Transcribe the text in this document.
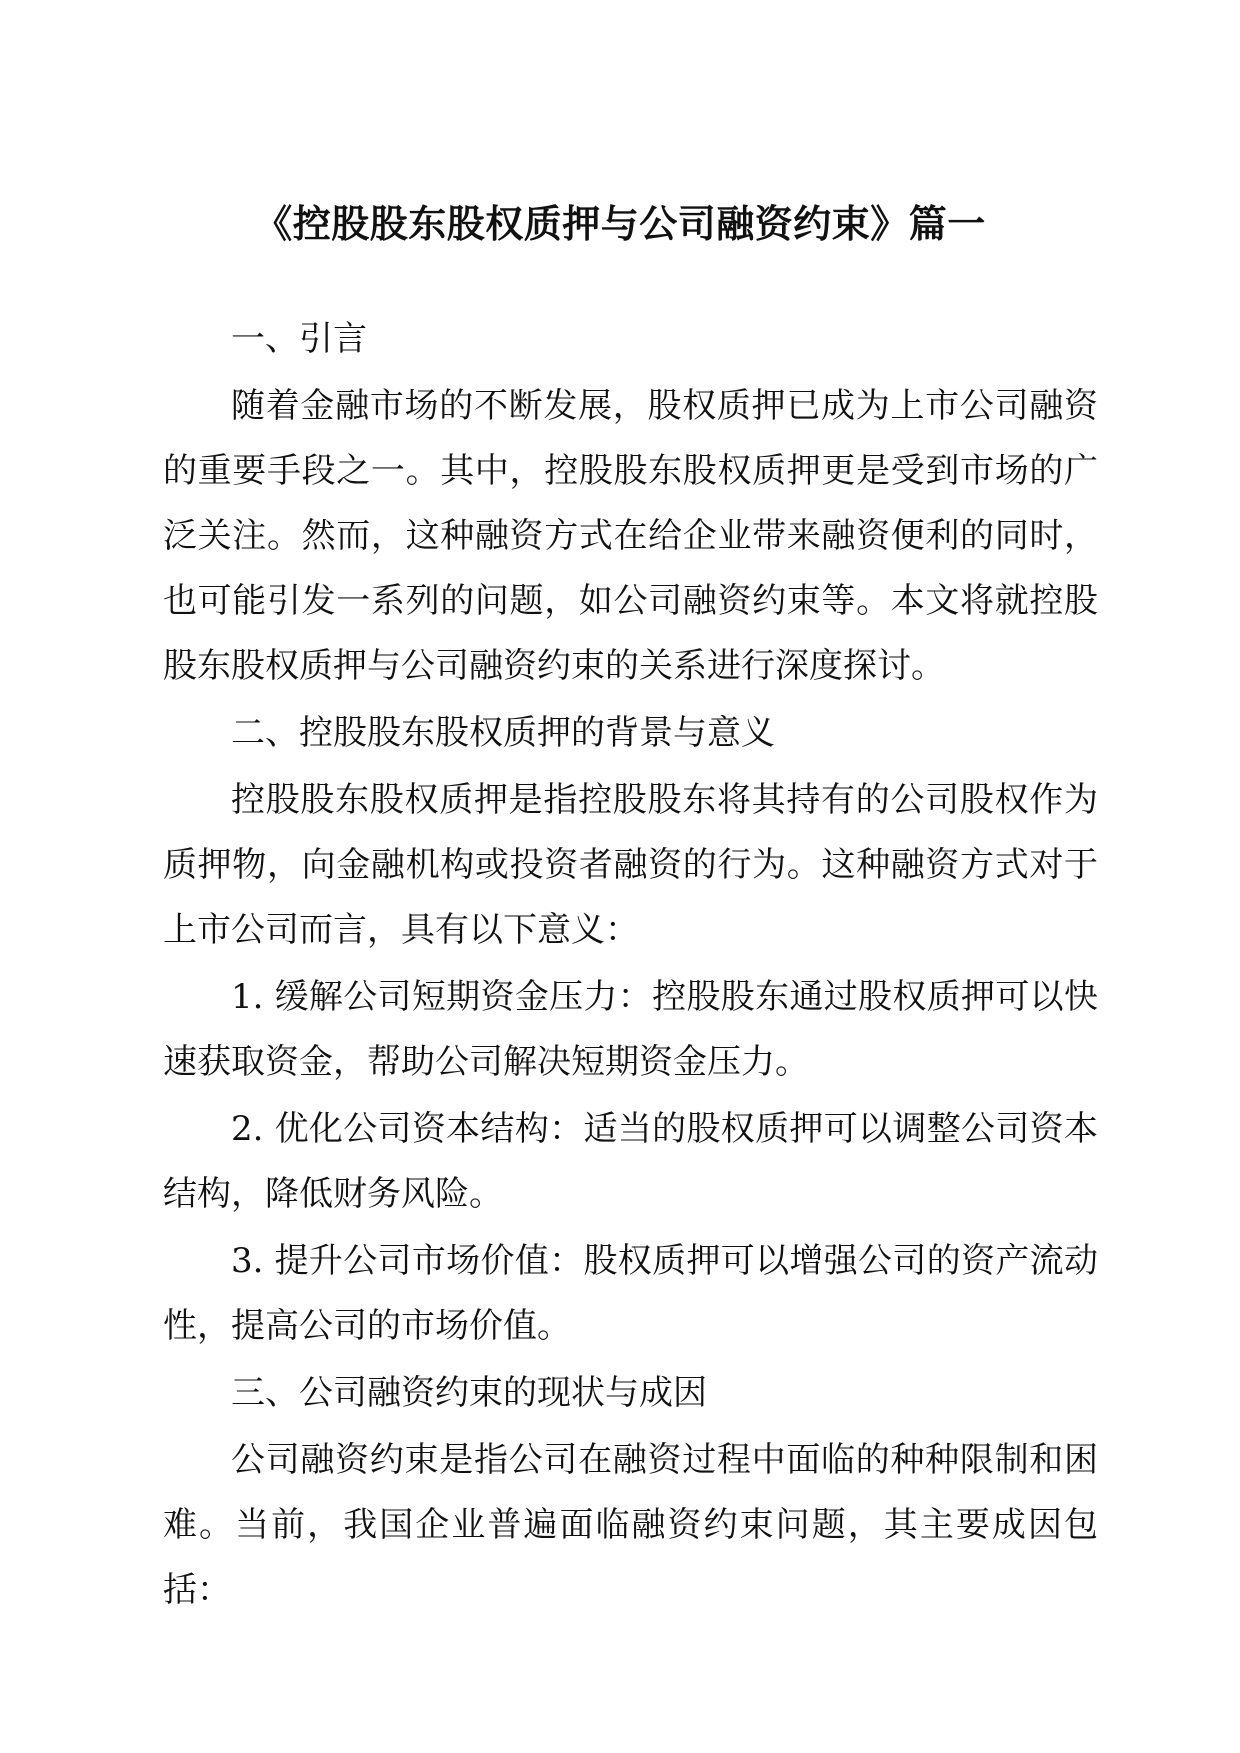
《控股股东股权质押与公司融资约束》篇一

一、引言

随着金融市场的不断发展，股权质押已成为上市公司融资的重要手段之一。其中，控股股东股权质押更是受到市场的广泛关注。然而，这种融资方式在给企业带来融资便利的同时，也可能引发一系列的问题，如公司融资约束等。本文将就控股股东股权质押与公司融资约束的关系进行深度探讨。

二、控股股东股权质押的背景与意义

控股股东股权质押是指控股股东将其持有的公司股权作为质押物，向金融机构或投资者融资的行为。这种融资方式对于上市公司而言，具有以下意义：

1. 缓解公司短期资金压力：控股股东通过股权质押可以快速获取资金，帮助公司解决短期资金压力。

2. 优化公司资本结构：适当的股权质押可以调整公司资本结构，降低财务风险。

3. 提升公司市场价值：股权质押可以增强公司的资产流动性，提高公司的市场价值。

三、公司融资约束的现状与成因

公司融资约束是指公司在融资过程中面临的种种限制和困难。当前，我国企业普遍面临融资约束问题，其主要成因包括：
